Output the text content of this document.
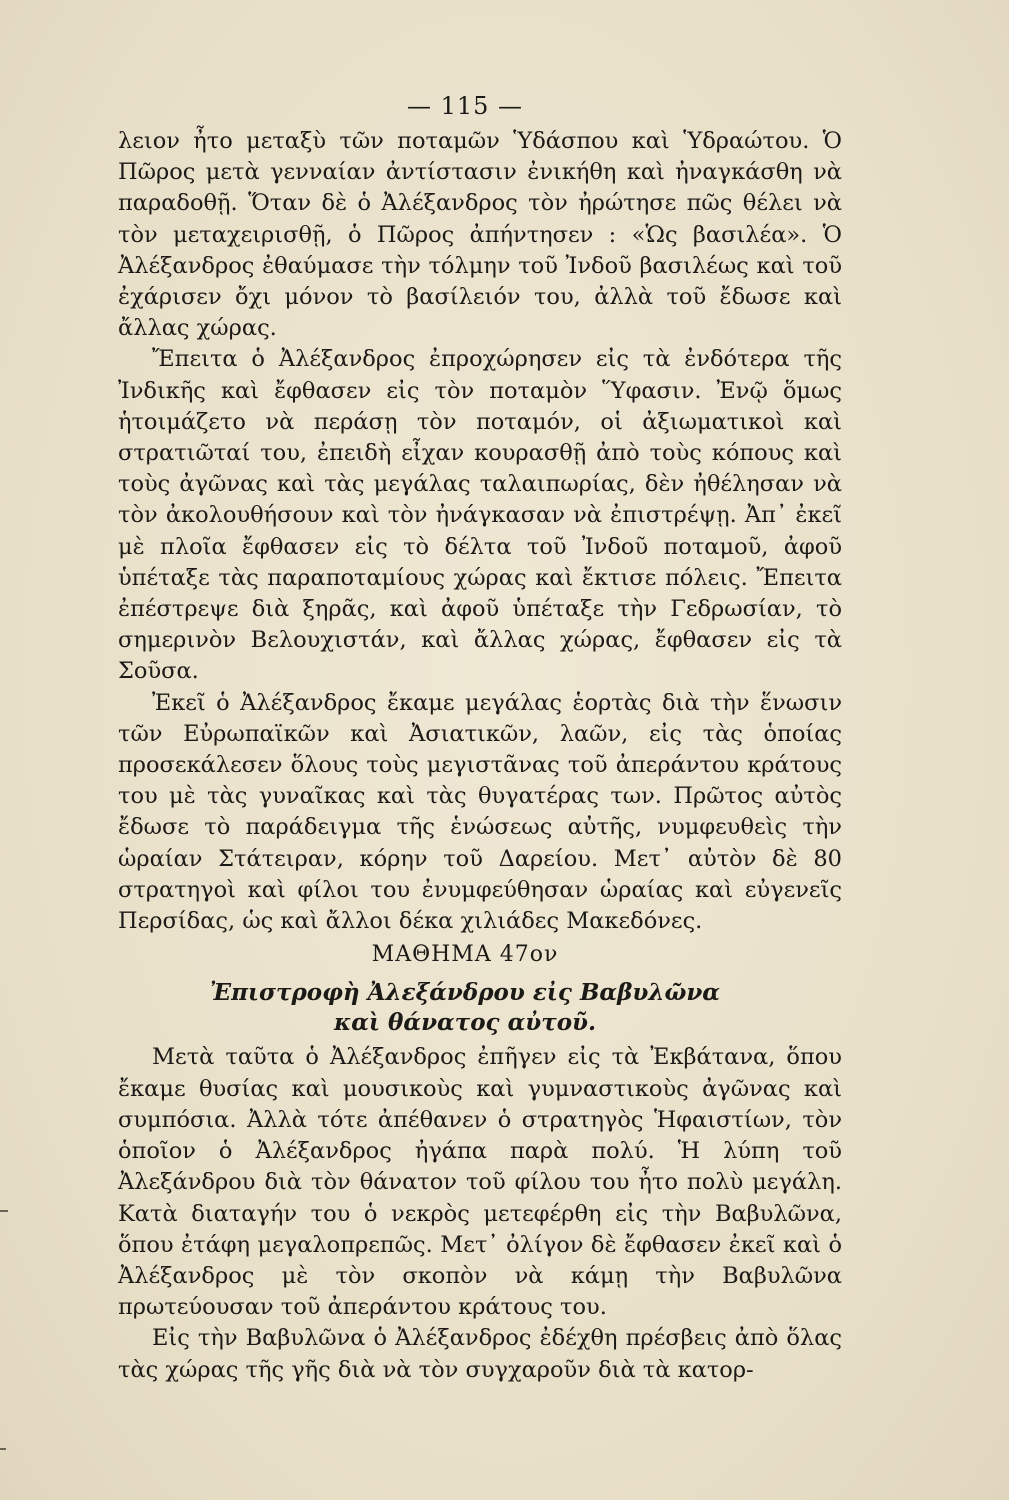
— 115 —

λειον ἦτο μεταξὺ τῶν ποταμῶν Ὑδάσπου καὶ Ὑδραώτου. Ὁ Πῶρος μετὰ γενναίαν ἀντίστασιν ἐνικήθη καὶ ἠναγκάσθη νὰ παραδοθῇ. Ὅταν δὲ ὁ Ἀλέξανδρος τὸν ἠρώτησε πῶς θέλει νὰ τὸν μεταχειρισθῇ, ὁ Πῶρος ἀπήντησεν : «Ὡς βασιλέα». Ὁ Ἀλέξανδρος ἐθαύμασε τὴν τόλμην τοῦ Ἰνδοῦ βασιλέως καὶ τοῦ ἐχάρισεν ὄχι μόνον τὸ βασίλειόν του, ἀλλὰ τοῦ ἔδωσε καὶ ἄλλας χώρας.

Ἔπειτα ὁ Ἀλέξανδρος ἐπροχώρησεν εἰς τὰ ἐνδότερα τῆς Ἰνδικῆς καὶ ἔφθασεν εἰς τὸν ποταμὸν Ὕφασιν. Ἐνῷ ὅμως ἡτοιμάζετο νὰ περάσῃ τὸν ποταμόν, οἱ ἀξιωματικοὶ καὶ στρατιῶταί του, ἐπειδὴ εἶχαν κουρασθῇ ἀπὸ τοὺς κόπους καὶ τοὺς ἀγῶνας καὶ τὰς μεγάλας ταλαιπωρίας, δὲν ἠθέλησαν νὰ τὸν ἀκολουθήσουν καὶ τὸν ἠνάγκασαν νὰ ἐπιστρέψῃ. Ἀπ᾽ ἐκεῖ μὲ πλοῖα ἔφθασεν εἰς τὸ δέλτα τοῦ Ἰνδοῦ ποταμοῦ, ἀφοῦ ὑπέταξε τὰς παραποταμίους χώρας καὶ ἔκτισε πόλεις. Ἔπειτα ἐπέστρεψε διὰ ξηρᾶς, καὶ ἀφοῦ ὑπέταξε τὴν Γεδρωσίαν, τὸ σημερινὸν Βελουχιστάν, καὶ ἄλλας χώρας, ἔφθασεν εἰς τὰ Σοῦσα.

Ἐκεῖ ὁ Ἀλέξανδρος ἔκαμε μεγάλας ἑορτὰς διὰ τὴν ἕνωσιν τῶν Εὐρωπαϊκῶν καὶ Ἀσιατικῶν, λαῶν, εἰς τὰς ὁποίας προσεκάλεσεν ὅλους τοὺς μεγιστᾶνας τοῦ ἀπεράντου κράτους του μὲ τὰς γυναῖκας καὶ τὰς θυγατέρας των. Πρῶτος αὐτὸς ἔδωσε τὸ παράδειγμα τῆς ἑνώσεως αὐτῆς, νυμφευθεὶς τὴν ὡραίαν Στάτειραν, κόρην τοῦ Δαρείου. Μετ᾽ αὐτὸν δὲ 80 στρατηγοὶ καὶ φίλοι του ἐνυμφεύθησαν ὡραίας καὶ εὐγενεῖς Περσίδας, ὡς καὶ ἄλλοι δέκα χιλιάδες Μακεδόνες.

ΜΑΘΗΜΑ 47ον
Ἐπιστροφὴ Ἀλεξάνδρου εἰς Βαβυλῶνα
καὶ θάνατος αὐτοῦ.

Μετὰ ταῦτα ὁ Ἀλέξανδρος ἐπῆγεν εἰς τὰ Ἐκβάτανα, ὅπου ἔκαμε θυσίας καὶ μουσικοὺς καὶ γυμναστικοὺς ἀγῶνας καὶ συμπόσια. Ἀλλὰ τότε ἀπέθανεν ὁ στρατηγὸς Ἡφαιστίων, τὸν ὁποῖον ὁ Ἀλέξανδρος ἠγάπα παρὰ πολύ. Ἡ λύπη τοῦ Ἀλεξάνδρου διὰ τὸν θάνατον τοῦ φίλου του ἦτο πολὺ μεγάλη. Κατὰ διαταγήν του ὁ νεκρὸς μετεφέρθη εἰς τὴν Βαβυλῶνα, ὅπου ἐτάφη μεγαλοπρεπῶς. Μετ᾽ ὀλίγον δὲ ἔφθασεν ἐκεῖ καὶ ὁ Ἀλέξανδρος μὲ τὸν σκοπὸν νὰ κάμῃ τὴν Βαβυλῶνα πρωτεύουσαν τοῦ ἀπεράντου κράτους του.

Εἰς τὴν Βαβυλῶνα ὁ Ἀλέξανδρος ἐδέχθη πρέσβεις ἀπὸ ὅλας τὰς χώρας τῆς γῆς διὰ νὰ τὸν συγχαροῦν διὰ τὰ κατορ-
